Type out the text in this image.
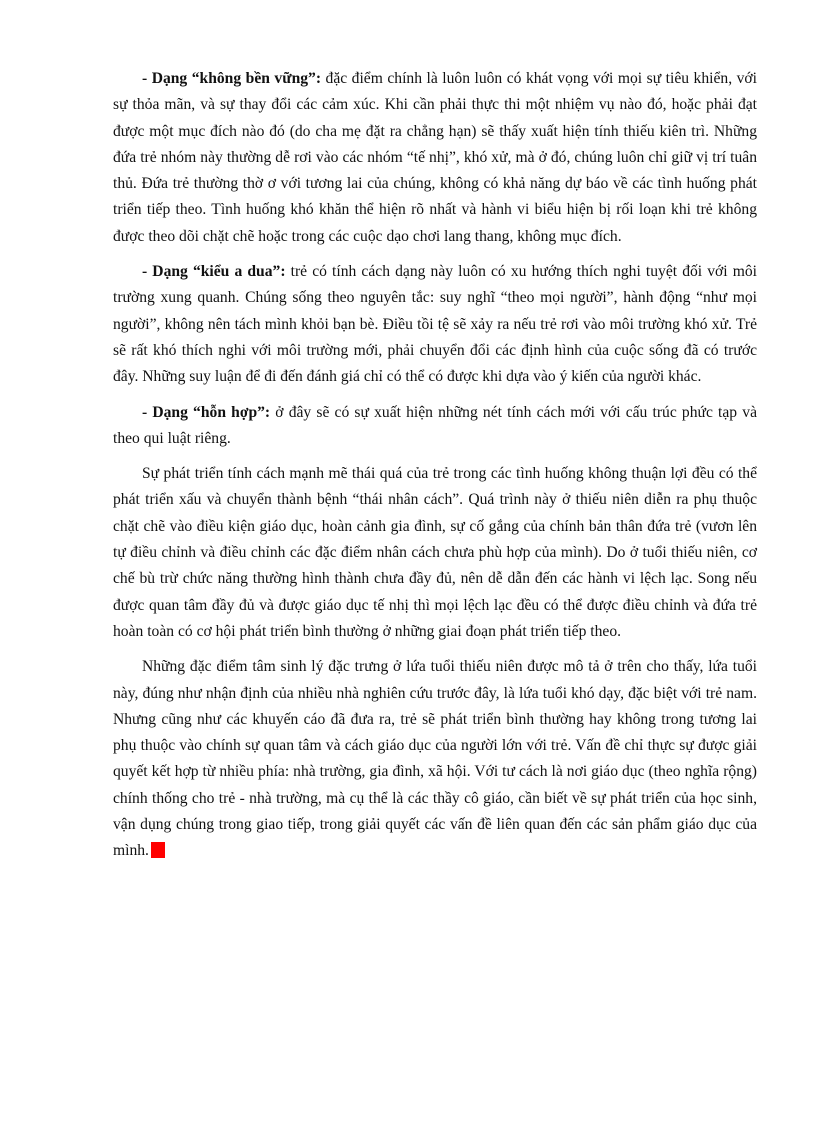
- Dạng “không bền vững”: đặc điểm chính là luôn luôn có khát vọng với mọi sự tiêu khiển, với sự thỏa mãn, và sự thay đổi các cảm xúc. Khi cần phải thực thi một nhiệm vụ nào đó, hoặc phải đạt được một mục đích nào đó (do cha mẹ đặt ra chẳng hạn) sẽ thấy xuất hiện tính thiếu kiên trì. Những đứa trẻ nhóm này thường dễ rơi vào các nhóm “tế nhị”, khó xử, mà ở đó, chúng luôn chỉ giữ vị trí tuân thủ. Đứa trẻ thường thờ ơ với tương lai của chúng, không có khả năng dự báo về các tình huống phát triển tiếp theo. Tình huống khó khăn thể hiện rõ nhất và hành vi biểu hiện bị rối loạn khi trẻ không được theo dõi chặt chẽ hoặc trong các cuộc dạo chơi lang thang, không mục đích.

- Dạng “kiểu a dua”: trẻ có tính cách dạng này luôn có xu hướng thích nghi tuyệt đối với môi trường xung quanh. Chúng sống theo nguyên tắc: suy nghĩ “theo mọi người”, hành động “như mọi người”, không nên tách mình khỏi bạn bè. Điều tồi tệ sẽ xảy ra nếu trẻ rơi vào môi trường khó xử. Trẻ sẽ rất khó thích nghi với môi trường mới, phải chuyển đổi các định hình của cuộc sống đã có trước đây. Những suy luận để đi đến đánh giá chỉ có thể có được khi dựa vào ý kiến của người khác.

- Dạng “hỗn hợp”: ở đây sẽ có sự xuất hiện những nét tính cách mới với cấu trúc phức tạp và theo qui luật riêng.

Sự phát triển tính cách mạnh mẽ thái quá của trẻ trong các tình huống không thuận lợi đều có thể phát triển xấu và chuyển thành bệnh “thái nhân cách”. Quá trình này ở thiếu niên diễn ra phụ thuộc chặt chẽ vào điều kiện giáo dục, hoàn cảnh gia đình, sự cố gắng của chính bản thân đứa trẻ (vươn lên tự điều chỉnh và điều chỉnh các đặc điểm nhân cách chưa phù hợp của mình). Do ở tuổi thiếu niên, cơ chế bù trừ chức năng thường hình thành chưa đầy đủ, nên dễ dẫn đến các hành vi lệch lạc. Song nếu được quan tâm đầy đủ và được giáo dục tế nhị thì mọi lệch lạc đều có thể được điều chỉnh và đứa trẻ hoàn toàn có cơ hội phát triển bình thường ở những giai đoạn phát triển tiếp theo.

Những đặc điểm tâm sinh lý đặc trưng ở lứa tuổi thiếu niên được mô tả ở trên cho thấy, lứa tuổi này, đúng như nhận định của nhiều nhà nghiên cứu trước đây, là lứa tuổi khó dạy, đặc biệt với trẻ nam. Nhưng cũng như các khuyến cáo đã đưa ra, trẻ sẽ phát triển bình thường hay không trong tương lai phụ thuộc vào chính sự quan tâm và cách giáo dục của người lớn với trẻ. Vấn đề chỉ thực sự được giải quyết kết hợp từ nhiều phía: nhà trường, gia đình, xã hội. Với tư cách là nơi giáo dục (theo nghĩa rộng) chính thống cho trẻ - nhà trường, mà cụ thể là các thầy cô giáo, cần biết về sự phát triển của học sinh, vận dụng chúng trong giao tiếp, trong giải quyết các vấn đề liên quan đến các sản phẩm giáo dục của mình.
